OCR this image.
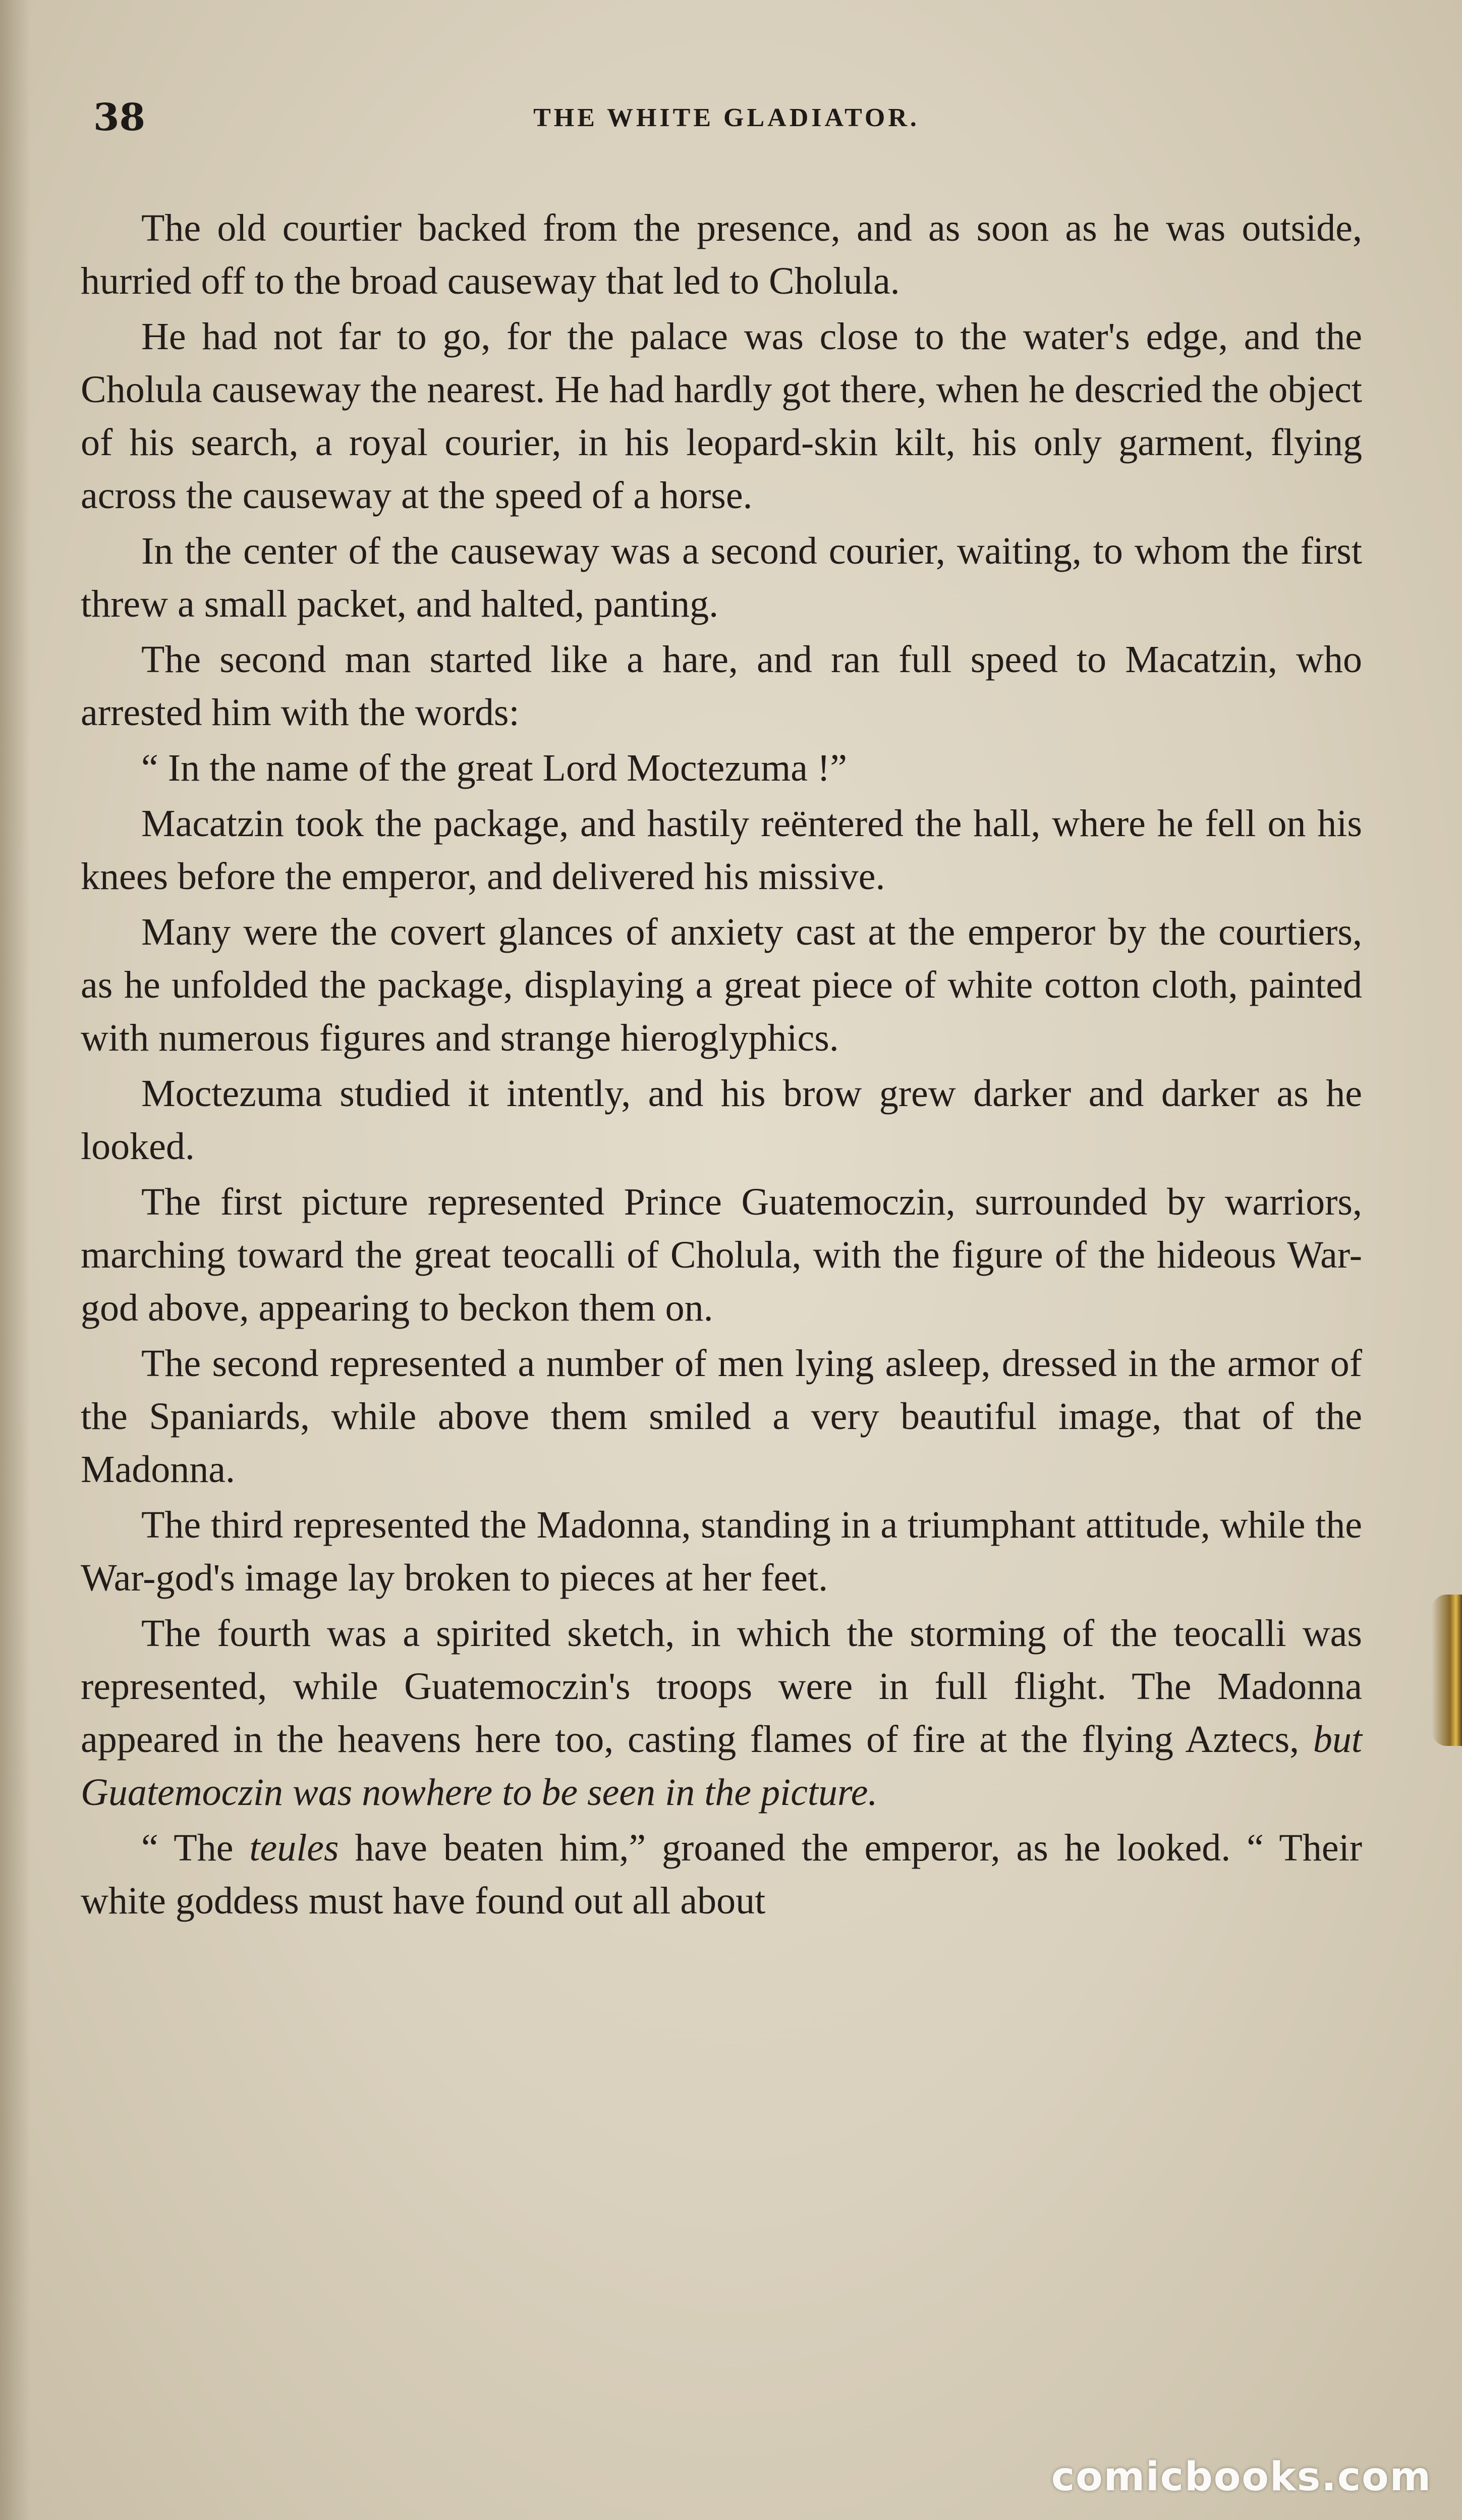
38	THE WHITE GLADIATOR.

The old courtier backed from the presence, and as soon as he was outside, hurried off to the broad causeway that led to Cholula.

He had not far to go, for the palace was close to the water's edge, and the Cholula causeway the nearest. He had hardly got there, when he descried the object of his search, a royal courier, in his leopard-skin kilt, his only garment, flying across the causeway at the speed of a horse.

In the center of the causeway was a second courier, waiting, to whom the first threw a small packet, and halted, panting.

The second man started like a hare, and ran full speed to Macatzin, who arrested him with the words:

“ In the name of the great Lord Moctezuma !”

Macatzin took the package, and hastily reëntered the hall, where he fell on his knees before the emperor, and delivered his missive.

Many were the covert glances of anxiety cast at the emperor by the courtiers, as he unfolded the package, displaying a great piece of white cotton cloth, painted with numerous figures and strange hieroglyphics.

Moctezuma studied it intently, and his brow grew darker and darker as he looked.

The first picture represented Prince Guatemoczin, surrounded by warriors, marching toward the great teocalli of Cholula, with the figure of the hideous War-god above, appearing to beckon them on.

The second represented a number of men lying asleep, dressed in the armor of the Spaniards, while above them smiled a very beautiful image, that of the Madonna.

The third represented the Madonna, standing in a triumphant attitude, while the War-god's image lay broken to pieces at her feet.

The fourth was a spirited sketch, in which the storming of the teocalli was represented, while Guatemoczin's troops were in full flight. The Madonna appeared in the heavens here too, casting flames of fire at the flying Aztecs, but Guatemoczin was nowhere to be seen in the picture.

“ The teules have beaten him,” groaned the emperor, as he looked. “ Their white goddess must have found out all about

comicbooks.com
